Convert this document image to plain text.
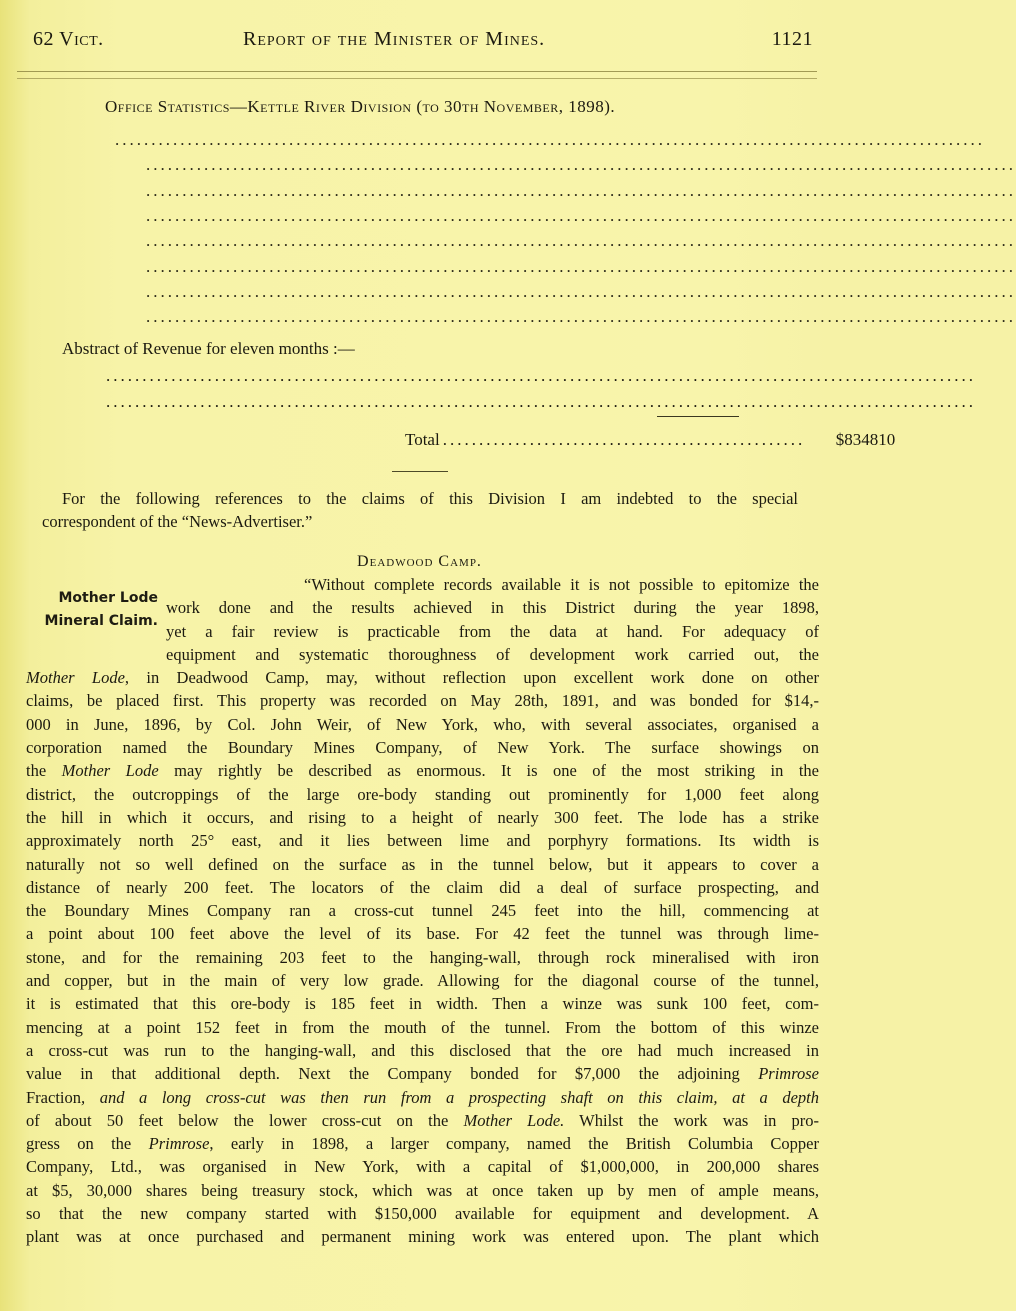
62 Vict.	Report of the Minister of Mines.	1121
Office Statistics—Kettle River Division (to 30th November, 1898).
........................................................................................................................
........................................................................................................................
........................................................................................................................
........................................................................................................................
........................................................................................................................
........................................................................................................................
........................................................................................................................
........................................................................................................................
Abstract of Revenue for eleven months :—
........................................................................................................................
........................................................................................................................
Total ..................................................	$8348 10
For the following references to the claims of this Division I am indebted to the special
correspondent of the “News-Advertiser.”
Deadwood Camp.
Mother Lode
Mineral Claim.
“Without complete records available it is not possible to epitomize the
work done and the results achieved in this District during the year 1898,
yet a fair review is practicable from the data at hand. For adequacy of
equipment and systematic thoroughness of development work carried out, the
Mother Lode, in Deadwood Camp, may, without reflection upon excellent work done on other
claims, be placed first. This property was recorded on May 28th, 1891, and was bonded for $14,-
000 in June, 1896, by Col. John Weir, of New York, who, with several associates, organised a
corporation named the Boundary Mines Company, of New York. The surface showings on
the Mother Lode may rightly be described as enormous. It is one of the most striking in the
district, the outcroppings of the large ore-body standing out prominently for 1,000 feet along
the hill in which it occurs, and rising to a height of nearly 300 feet. The lode has a strike
approximately north 25° east, and it lies between lime and porphyry formations. Its width is
naturally not so well defined on the surface as in the tunnel below, but it appears to cover a
distance of nearly 200 feet. The locators of the claim did a deal of surface prospecting, and
the Boundary Mines Company ran a cross-cut tunnel 245 feet into the hill, commencing at
a point about 100 feet above the level of its base. For 42 feet the tunnel was through lime-
stone, and for the remaining 203 feet to the hanging-wall, through rock mineralised with iron
and copper, but in the main of very low grade. Allowing for the diagonal course of the tunnel,
it is estimated that this ore-body is 185 feet in width. Then a winze was sunk 100 feet, com-
mencing at a point 152 feet in from the mouth of the tunnel. From the bottom of this winze
a cross-cut was run to the hanging-wall, and this disclosed that the ore had much increased in
value in that additional depth. Next the Company bonded for $7,000 the adjoining Primrose
Fraction, and a long cross-cut was then run from a prospecting shaft on this claim, at a depth
of about 50 feet below the lower cross-cut on the Mother Lode. Whilst the work was in pro-
gress on the Primrose, early in 1898, a larger company, named the British Columbia Copper
Company, Ltd., was organised in New York, with a capital of $1,000,000, in 200,000 shares
at $5, 30,000 shares being treasury stock, which was at once taken up by men of ample means,
so that the new company started with $150,000 available for equipment and development. A
plant was at once purchased and permanent mining work was entered upon. The plant which
